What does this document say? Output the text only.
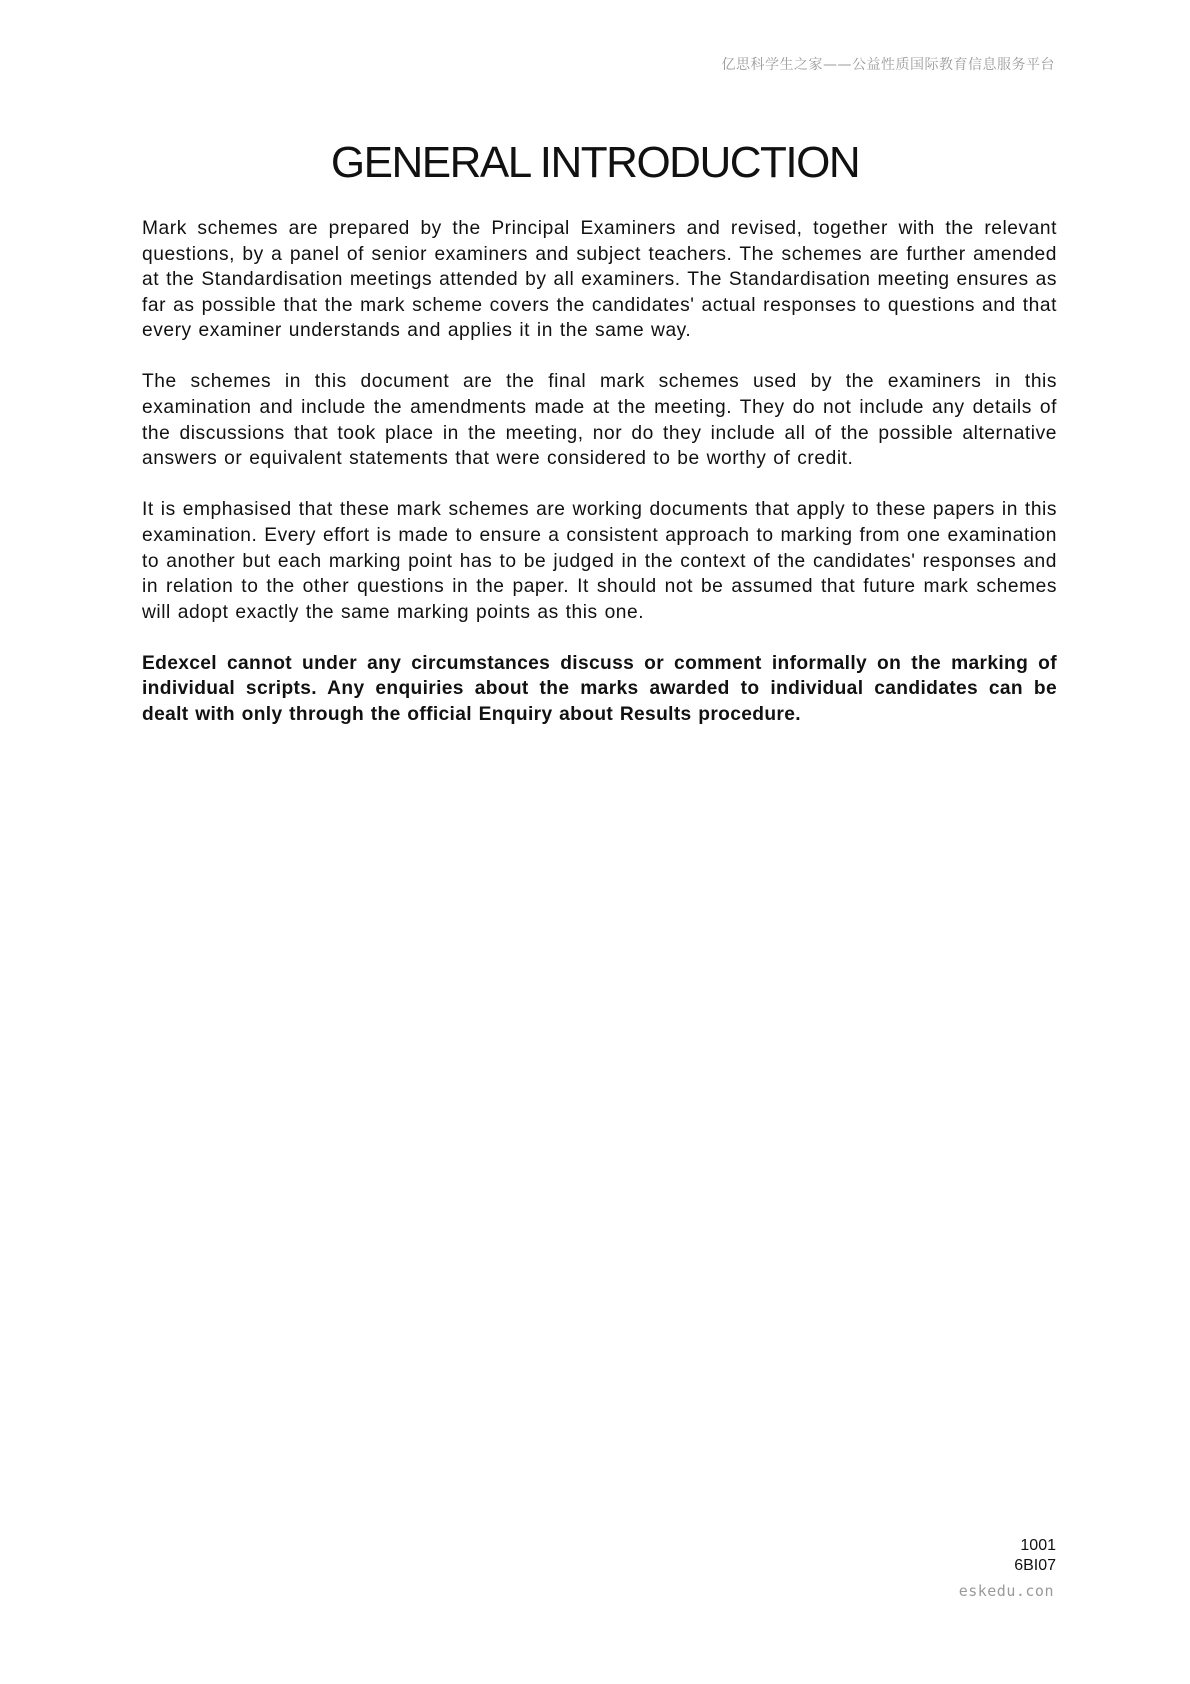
亿思科学生之家——公益性质国际教育信息服务平台
GENERAL INTRODUCTION

Mark schemes are prepared by the Principal Examiners and revised, together with the relevant questions, by a panel of senior examiners and subject teachers. The schemes are further amended at the Standardisation meetings attended by all examiners. The Standardisation meeting ensures as far as possible that the mark scheme covers the candidates' actual responses to questions and that every examiner understands and applies it in the same way.

The schemes in this document are the final mark schemes used by the examiners in this examination and include the amendments made at the meeting. They do not include any details of the discussions that took place in the meeting, nor do they include all of the possible alternative answers or equivalent statements that were considered to be worthy of credit.

It is emphasised that these mark schemes are working documents that apply to these papers in this examination. Every effort is made to ensure a consistent approach to marking from one examination to another but each marking point has to be judged in the context of the candidates' responses and in relation to the other questions in the paper. It should not be assumed that future mark schemes will adopt exactly the same marking points as this one.

Edexcel cannot under any circumstances discuss or comment informally on the marking of individual scripts. Any enquiries about the marks awarded to individual candidates can be dealt with only through the official Enquiry about Results procedure.

1001
6BI07
eskedu.con
